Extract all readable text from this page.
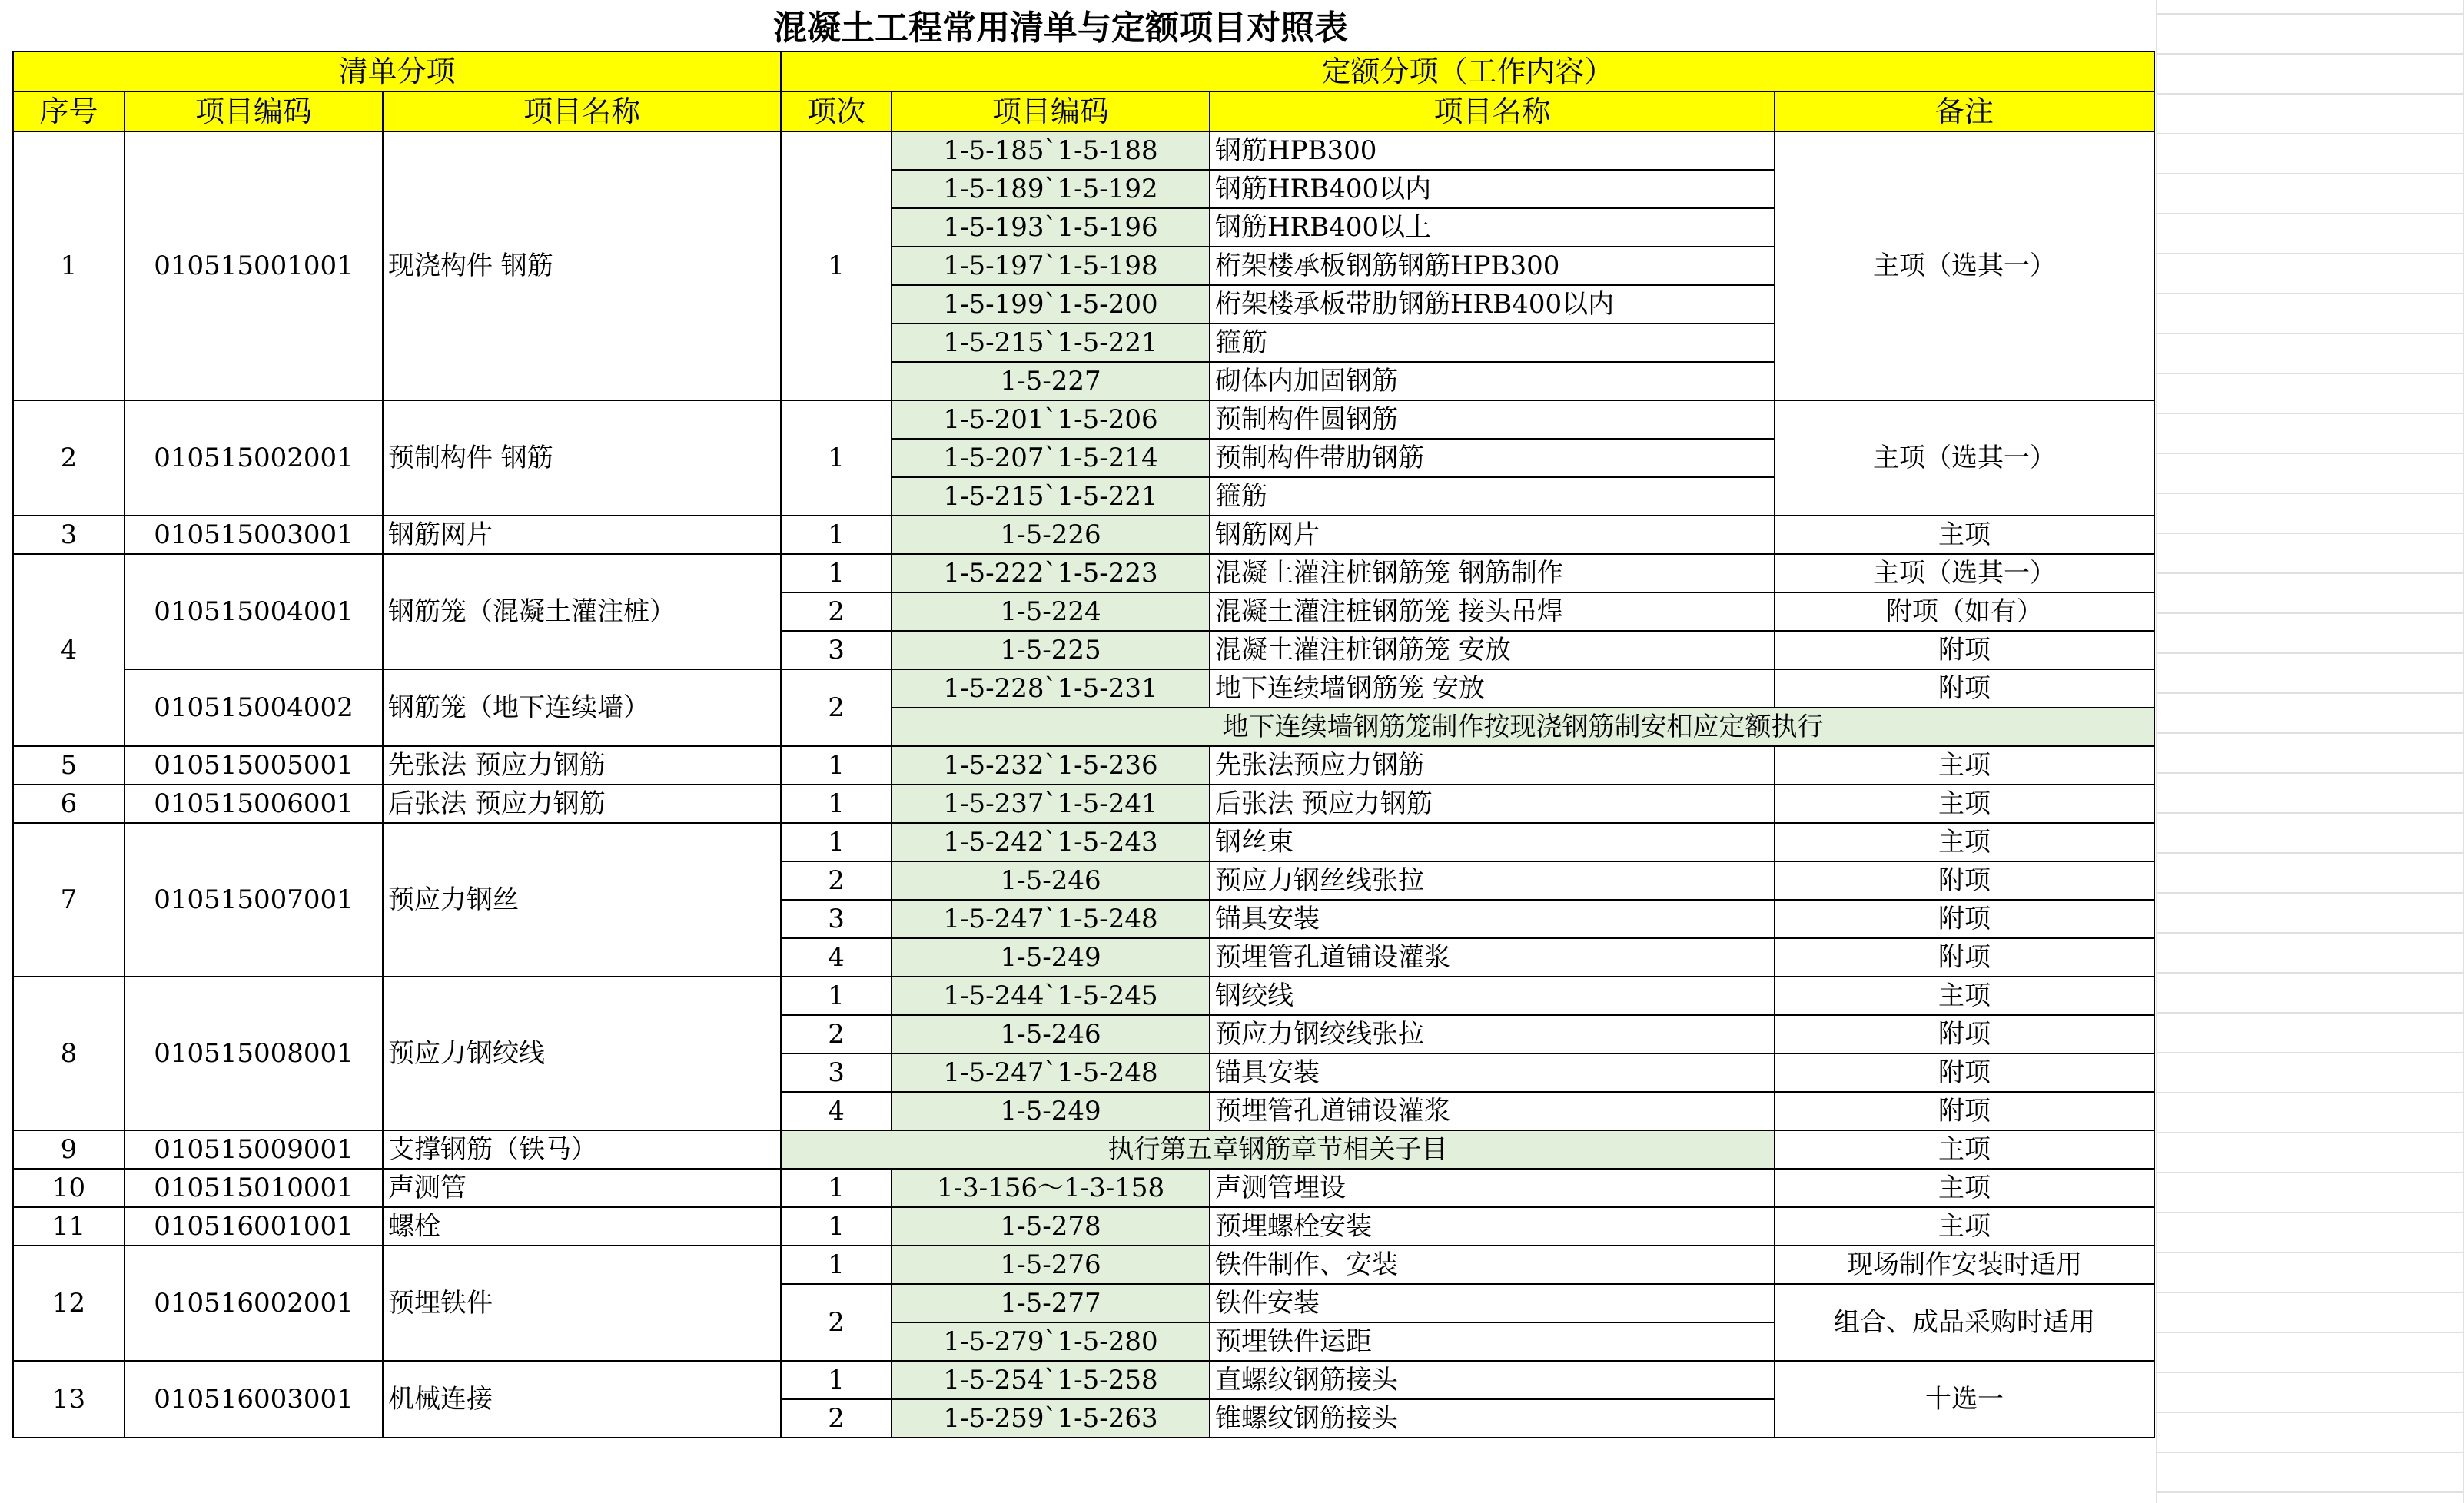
混凝土工程常用清单与定额项目对照表
清单分项			定额分项（工作内容）				
序号	项目编码	项目名称	项次	项目编码	项目名称	备注	
1	010515001001	现浇构件 钢筋	1	1-5-185`1-5-188	钢筋HPB300	主项（选其一）	
				1-5-189`1-5-192	钢筋HRB400以内		
				1-5-193`1-5-196	钢筋HRB400以上		
				1-5-197`1-5-198	桁架楼承板钢筋钢筋HPB300		
				1-5-199`1-5-200	桁架楼承板带肋钢筋HRB400以内		
				1-5-215`1-5-221	箍筋		
				1-5-227	砌体内加固钢筋		
2	010515002001	预制构件 钢筋	1	1-5-201`1-5-206	预制构件圆钢筋	主项（选其一）	
				1-5-207`1-5-214	预制构件带肋钢筋		
				1-5-215`1-5-221	箍筋		
3	010515003001	钢筋网片	1	1-5-226	钢筋网片	主项	
4	010515004001	钢筋笼（混凝土灌注桩）	1	1-5-222`1-5-223	混凝土灌注桩钢筋笼 钢筋制作	主项（选其一）	
			2	1-5-224	混凝土灌注桩钢筋笼 接头吊焊	附项（如有）	
			3	1-5-225	混凝土灌注桩钢筋笼 安放	附项	
	010515004002	钢筋笼（地下连续墙）	2	1-5-228`1-5-231	地下连续墙钢筋笼 安放	附项	
				地下连续墙钢筋笼制作按现浇钢筋制安相应定额执行	
5	010515005001	先张法 预应力钢筋	1	1-5-232`1-5-236	先张法预应力钢筋	主项	
6	010515006001	后张法 预应力钢筋	1	1-5-237`1-5-241	后张法 预应力钢筋	主项	
7	010515007001	预应力钢丝	1	1-5-242`1-5-243	钢丝束	主项	
			2	1-5-246	预应力钢丝线张拉	附项	
			3	1-5-247`1-5-248	锚具安装	附项	
			4	1-5-249	预埋管孔道铺设灌浆	附项	
8	010515008001	预应力钢绞线	1	1-5-244`1-5-245	钢绞线	主项	
			2	1-5-246	预应力钢绞线张拉	附项	
			3	1-5-247`1-5-248	锚具安装	附项	
			4	1-5-249	预埋管孔道铺设灌浆	附项	
9	010515009001	支撑钢筋（铁马）	执行第五章钢筋章节相关子目			主项	
10	010515010001	声测管	1	1-3-156～1-3-158	声测管埋设	主项	
11	010516001001	螺栓	1	1-5-278	预埋螺栓安装	主项	
12	010516002001	预埋铁件	1	1-5-276	铁件制作、安装	现场制作安装时适用	
			2	1-5-277	铁件安装	组合、成品采购时适用	
				1-5-279`1-5-280	预埋铁件运距		
13	010516003001	机械连接	1	1-5-254`1-5-258	直螺纹钢筋接头	十选一	
			2	1-5-259`1-5-263	锥螺纹钢筋接头		
